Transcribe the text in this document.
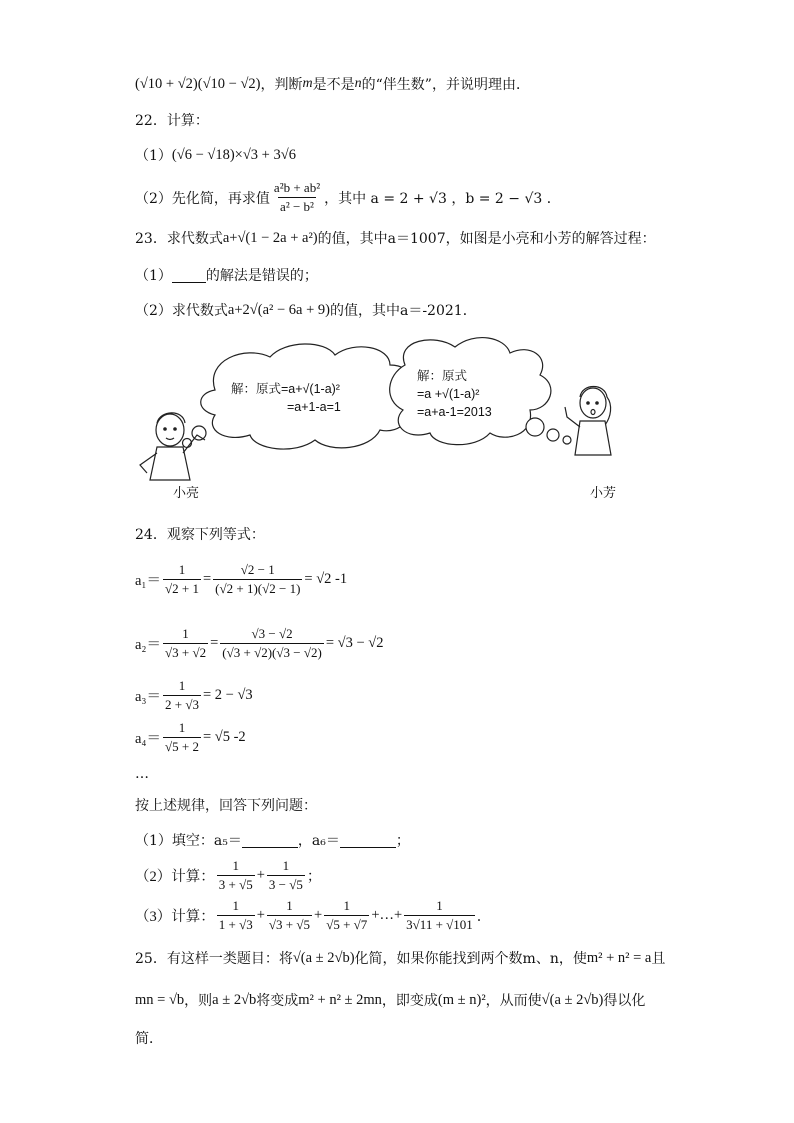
(√10 + √2)(√10 − √2) ，判断 m 是不是 n 的“伴生数”，并说明理由．
22．计算：
（1） (√6 − √18)×√3 + 3√6
（2）先化简，再求值 $\frac{\text{a²b + ab²}}{\text{a² − b²}}$ ，其中 a = 2 + √3 ，b = 2 − √3 ．
23．求代数式 a+√(1 − 2a + a²) 的值，其中 a＝1007，如图是小亮和小芳的解答过程：
（1） 的解法是错误的；
（2）求代数式 a+2√(a² − 6a + 9) 的值，其中 a＝-2021．
解：原式=a+√(1-a)²
=a+1-a=1
解：原式
=a +√(1-a)²
=a+a-1=2013
小亮	小芳
24．观察下列等式：
$a_1= \frac{1}{√2 + 1} = \frac{√2 - 1}{(√2 + 1)(√2 - 1)} = √2$ -1
$a_2= \frac{1}{√3 + √2} = \frac{√3 - √2}{(√3 + √2)(√3 - √2)} = √3 - √2$
$a_3= \frac{1}{2 + √3} = 2 - √3$
$a_4= \frac{1}{√5 + 2} = √5$ -2
…
按上述规律，回答下列问题：
（1）填空：a₅＝	，a₆＝	；
（2）计算： $\frac{1}{3 + √5} + \frac{1}{3 - √5}$ ；
（3）计算： $\frac{1}{1 + √3} + \frac{1}{√3 + √5} + \frac{1}{√5 + √7}$ +…+ $\frac{1}{3√11 + √101}$ ．
25．有这样一类题目：将 √(a ± 2√b) 化简，如果你能找到两个数 m、n，使 m² + n² = a 且
mn = √b ，则 a ± 2√b 将变成 m² + n² ± 2mn ，即变成 (m ± n)² ，从而使 √(a ± 2√b) 得以化
简．
